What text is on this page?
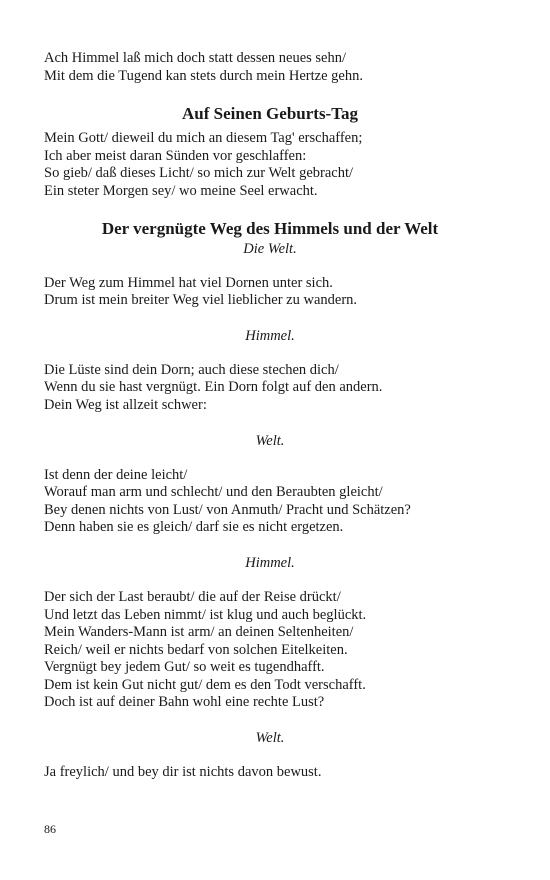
Ach Himmel laß mich doch statt dessen neues sehn/
Mit dem die Tugend kan stets durch mein Hertze gehn.
Auf Seinen Geburts-Tag
Mein Gott/ dieweil du mich an diesem Tag' erschaffen;
Ich aber meist daran Sünden vor geschlaffen:
So gieb/ daß dieses Licht/ so mich zur Welt gebracht/
Ein steter Morgen sey/ wo meine Seel erwacht.
Der vergnügte Weg des Himmels und der Welt

Die Welt.

Der Weg zum Himmel hat viel Dornen unter sich.
Drum ist mein breiter Weg viel lieblicher zu wandern.

Himmel.

Die Lüste sind dein Dorn; auch diese stechen dich/
Wenn du sie hast vergnügt. Ein Dorn folgt auf den andern.
Dein Weg ist allzeit schwer:

Welt.

Ist denn der deine leicht/
Worauf man arm und schlecht/ und den Beraubten gleicht/
Bey denen nichts von Lust/ von Anmuth/ Pracht und Schätzen?
Denn haben sie es gleich/ darf sie es nicht ergetzen.

Himmel.

Der sich der Last beraubt/ die auf der Reise drückt/
Und letzt das Leben nimmt/ ist klug und auch beglückt.
Mein Wanders-Mann ist arm/ an deinen Seltenheiten/
Reich/ weil er nichts bedarf von solchen Eitelkeiten.
Vergnügt bey jedem Gut/ so weit es tugendhafft.
Dem ist kein Gut nicht gut/ dem es den Todt verschafft.
Doch ist auf deiner Bahn wohl eine rechte Lust?

Welt.

Ja freylich/ und bey dir ist nichts davon bewust.
86
